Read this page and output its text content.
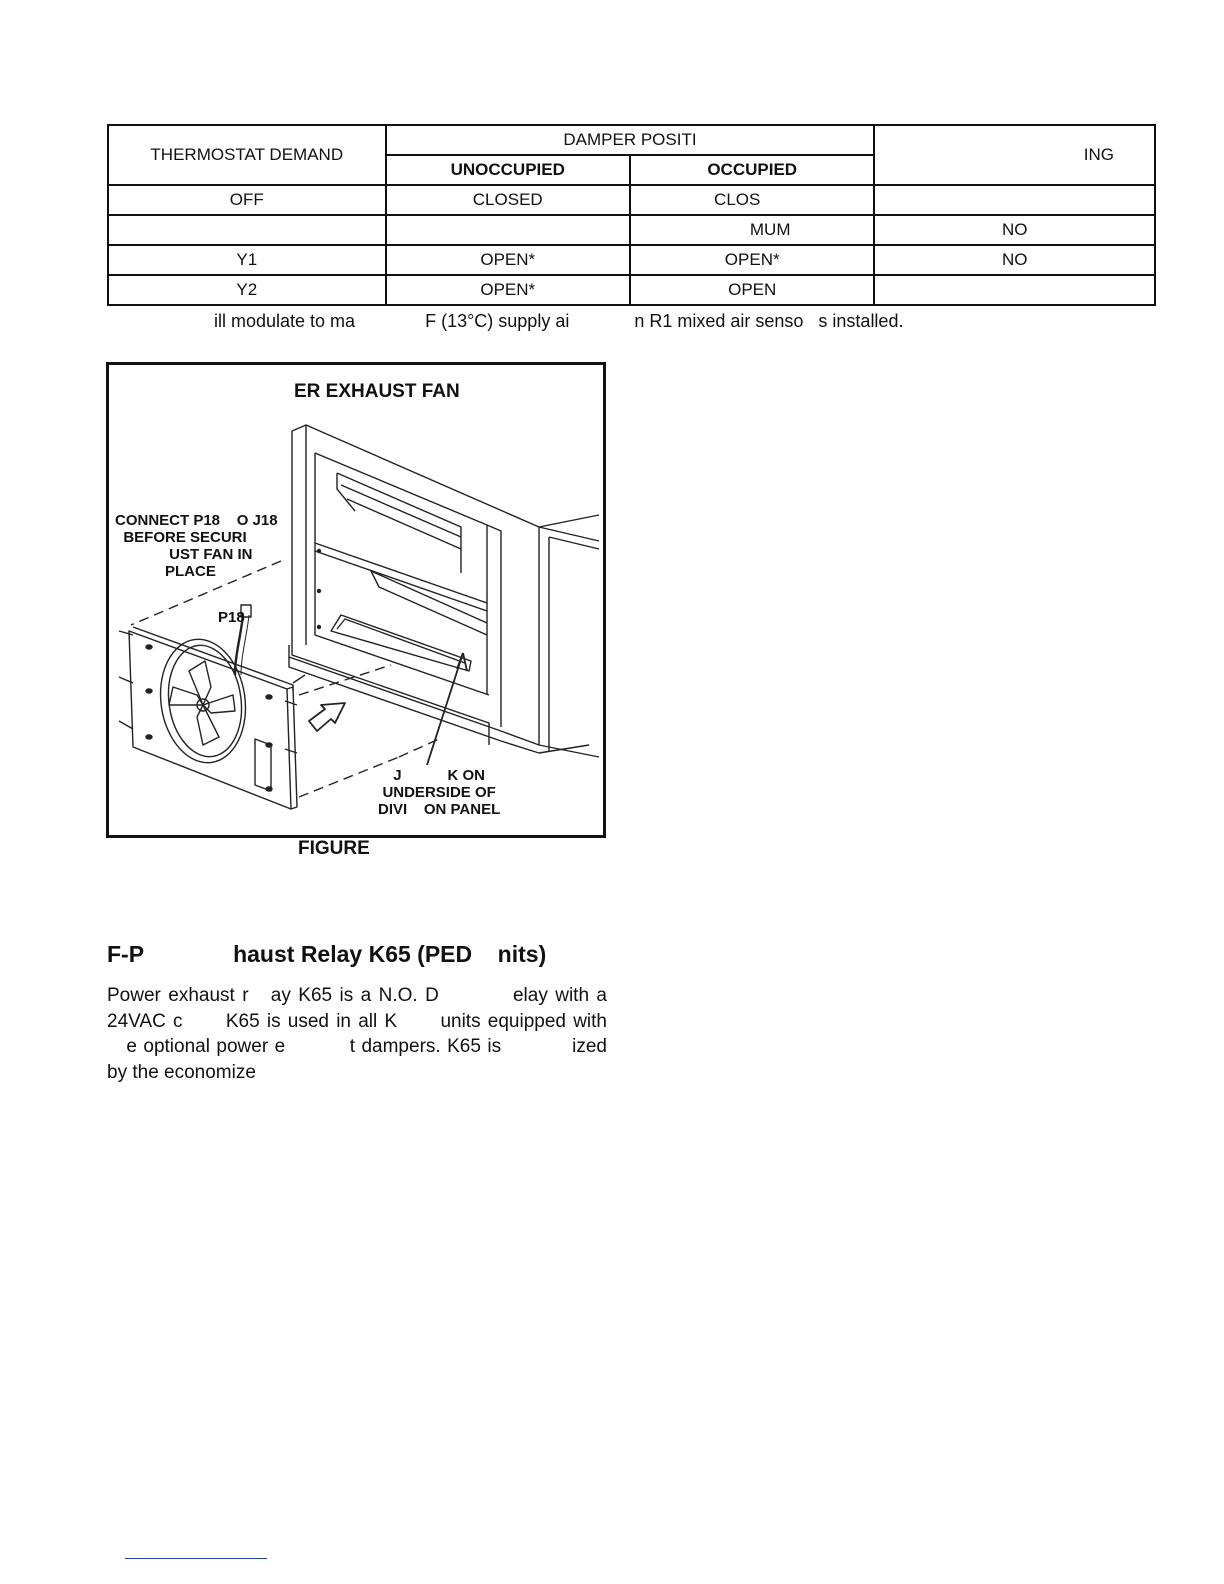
THERMOSTAT DEMAND	DAMPER POSITI		ING
	UNOCCUPIED	OCCUPIED	
OFF	CLOSED	CLOS	
		MUM	NO
Y1	OPEN*	OPEN*	NO
Y2	OPEN*	OPEN	
ill modulate to ma              F (13°C) supply ai             n R1 mixed air senso   s installed.
ER EXHAUST FAN
CONNECT P18    O J18
BEFORE SECURI
UST FAN IN
PLACE
P18
J           K ON
UNDERSIDE OF
DIVI    ON PANEL
FIGURE
F-P              haust Relay K65 (PED    nits)
Power exhaust r   ay K65 is a N.O. D          elay with a
24VAC c      K65 is used in all K      units equipped with
e optional power e          t dampers. K65 is           ized
by the economize
